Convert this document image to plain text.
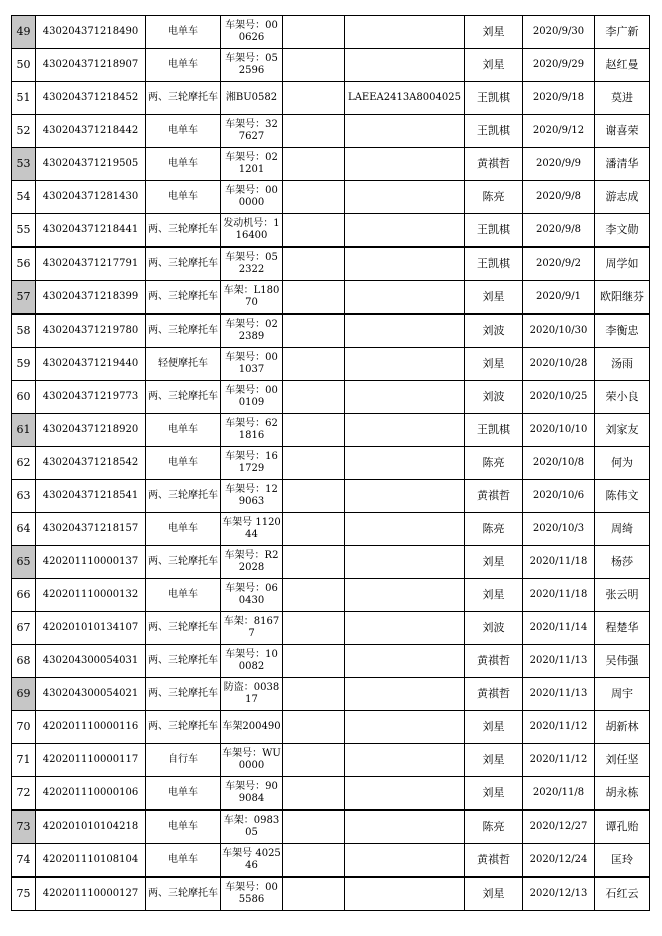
49	430204371218490	电单车	车架号：000626			刘星	2020/9/30	李广新
50	430204371218907	电单车	车架号：052596			刘星	2020/9/29	赵红曼
51	430204371218452	两、三轮摩托车	湘BU0582		LAEEA2413A8004025	王凯棋	2020/9/18	莫进
52	430204371218442	电单车	车架号：327627			王凯棋	2020/9/12	谢喜荣
53	430204371219505	电单车	车架号：021201			黄祺哲	2020/9/9	潘清华
54	430204371281430	电单车	车架号：000000			陈亮	2020/9/8	游志成
55	430204371218441	两、三轮摩托车	发动机号：116400			王凯棋	2020/9/8	李文勋
56	430204371217791	两、三轮摩托车	车架号：052322			王凯棋	2020/9/2	周学如
57	430204371218399	两、三轮摩托车	车架：L18070			刘星	2020/9/1	欧阳继芬
58	430204371219780	两、三轮摩托车	车架号：022389			刘波	2020/10/30	李衡忠
59	430204371219440	轻便摩托车	车架号：001037			刘星	2020/10/28	汤雨
60	430204371219773	两、三轮摩托车	车架号：000109			刘波	2020/10/25	荣小良
61	430204371218920	电单车	车架号：621816			王凯棋	2020/10/10	刘家友
62	430204371218542	电单车	车架号：161729			陈亮	2020/10/8	何为
63	430204371218541	两、三轮摩托车	车架号：129063			黄祺哲	2020/10/6	陈伟文
64	430204371218157	电单车	车架号 112044			陈亮	2020/10/3	周绮
65	420201110000137	两、三轮摩托车	车架号：R22028			刘星	2020/11/18	杨莎
66	420201110000132	电单车	车架号：060430			刘星	2020/11/18	张云明
67	420201010134107	两、三轮摩托车	车架：81677			刘波	2020/11/14	程楚华
68	430204300054031	两、三轮摩托车	车架号：100082			黄祺哲	2020/11/13	吴伟强
69	430204300054021	两、三轮摩托车	防盗：003817			黄祺哲	2020/11/13	周宇
70	420201110000116	两、三轮摩托车	车架200490			刘星	2020/11/12	胡新林
71	420201110000117	自行车	车架号：WU0000			刘星	2020/11/12	刘任坚
72	420201110000106	电单车	车架号：909084			刘星	2020/11/8	胡永栋
73	420201010104218	电单车	车架：098305			陈亮	2020/12/27	谭孔贻
74	420201110108104	电单车	车架号 402546			黄祺哲	2020/12/24	匡玲
75	420201110000127	两、三轮摩托车	车架号：005586			刘星	2020/12/13	石红云
